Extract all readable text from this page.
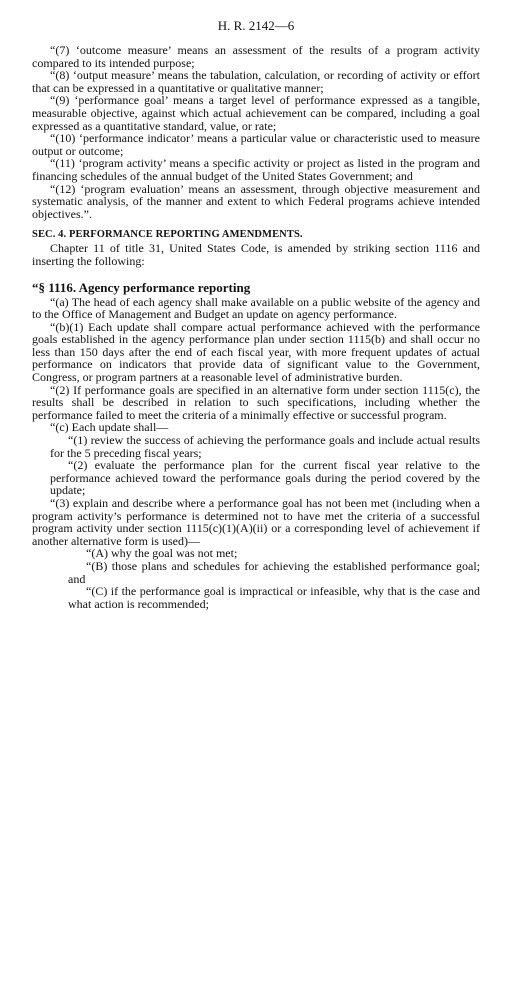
H. R. 2142—6

“(7) ‘outcome measure’ means an assessment of the results of a program activity compared to its intended purpose;

“(8) ‘output measure’ means the tabulation, calculation, or recording of activity or effort that can be expressed in a quantitative or qualitative manner;

“(9) ‘performance goal’ means a target level of performance expressed as a tangible, measurable objective, against which actual achievement can be compared, including a goal expressed as a quantitative standard, value, or rate;

“(10) ‘performance indicator’ means a particular value or characteristic used to measure output or outcome;

“(11) ‘program activity’ means a specific activity or project as listed in the program and financing schedules of the annual budget of the United States Government; and

“(12) ‘program evaluation’ means an assessment, through objective measurement and systematic analysis, of the manner and extent to which Federal programs achieve intended objectives.”.

SEC. 4. PERFORMANCE REPORTING AMENDMENTS.

Chapter 11 of title 31, United States Code, is amended by striking section 1116 and inserting the following:

“§ 1116. Agency performance reporting

“(a) The head of each agency shall make available on a public website of the agency and to the Office of Management and Budget an update on agency performance.

“(b)(1) Each update shall compare actual performance achieved with the performance goals established in the agency performance plan under section 1115(b) and shall occur no less than 150 days after the end of each fiscal year, with more frequent updates of actual performance on indicators that provide data of significant value to the Government, Congress, or program partners at a reasonable level of administrative burden.

“(2) If performance goals are specified in an alternative form under section 1115(c), the results shall be described in relation to such specifications, including whether the performance failed to meet the criteria of a minimally effective or successful program.

“(c) Each update shall—

“(1) review the success of achieving the performance goals and include actual results for the 5 preceding fiscal years;

“(2) evaluate the performance plan for the current fiscal year relative to the performance achieved toward the performance goals during the period covered by the update;

“(3) explain and describe where a performance goal has not been met (including when a program activity’s performance is determined not to have met the criteria of a successful program activity under section 1115(c)(1)(A)(ii) or a corresponding level of achievement if another alternative form is used)—

“(A) why the goal was not met;

“(B) those plans and schedules for achieving the established performance goal; and

“(C) if the performance goal is impractical or infeasible, why that is the case and what action is recommended;
